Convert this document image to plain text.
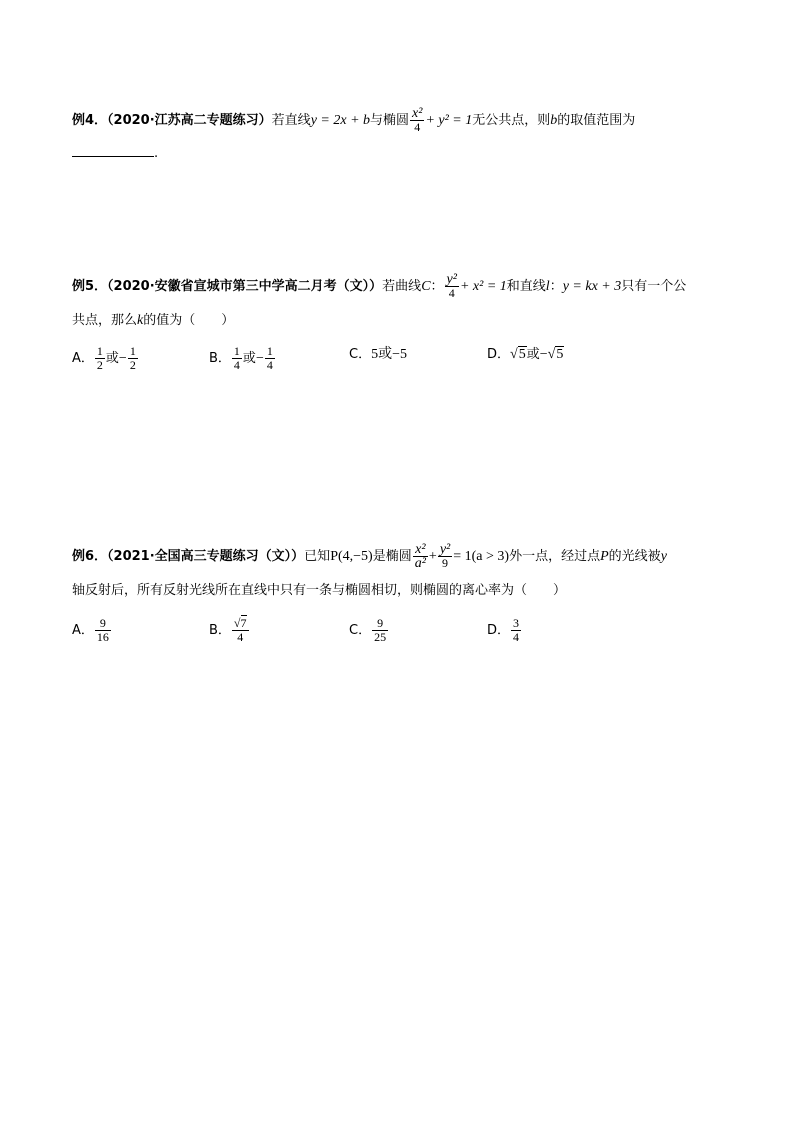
例4．（2020·江苏高二专题练习）若直线y = 2x + b与椭圆 $\frac{\text{x²}}{4} + y^2 = 1$无公共点，则b的取值范围为
.
例5．（2020·安徽省宣城市第三中学高二月考（文））若曲线C： $\frac{\text{y²}}{4} + x^2 = 1$和直线l：y = kx + 3只有一个公
共点，那么k的值为（　　）
A． $\frac{1}{2}$ 或− $\frac{1}{2}$	B． $\frac{1}{4}$ 或− $\frac{1}{4}$	C．5或−5	D．√5或−√5
例6．（2021·全国高三专题练习（文））已知P(4,−5)是椭圆 $\frac{\text{x²}}{\text{a²}} + \frac{\text{y²}}{9} = 1(a > 3)$外一点，经过点P的光线被y
轴反射后，所有反射光线所在直线中只有一条与椭圆相切，则椭圆的离心率为（　　）
A． $\frac{9}{16}$	B． $\frac{√7}{4}$	C． $\frac{9}{25}$	D． $\frac{3}{4}$
